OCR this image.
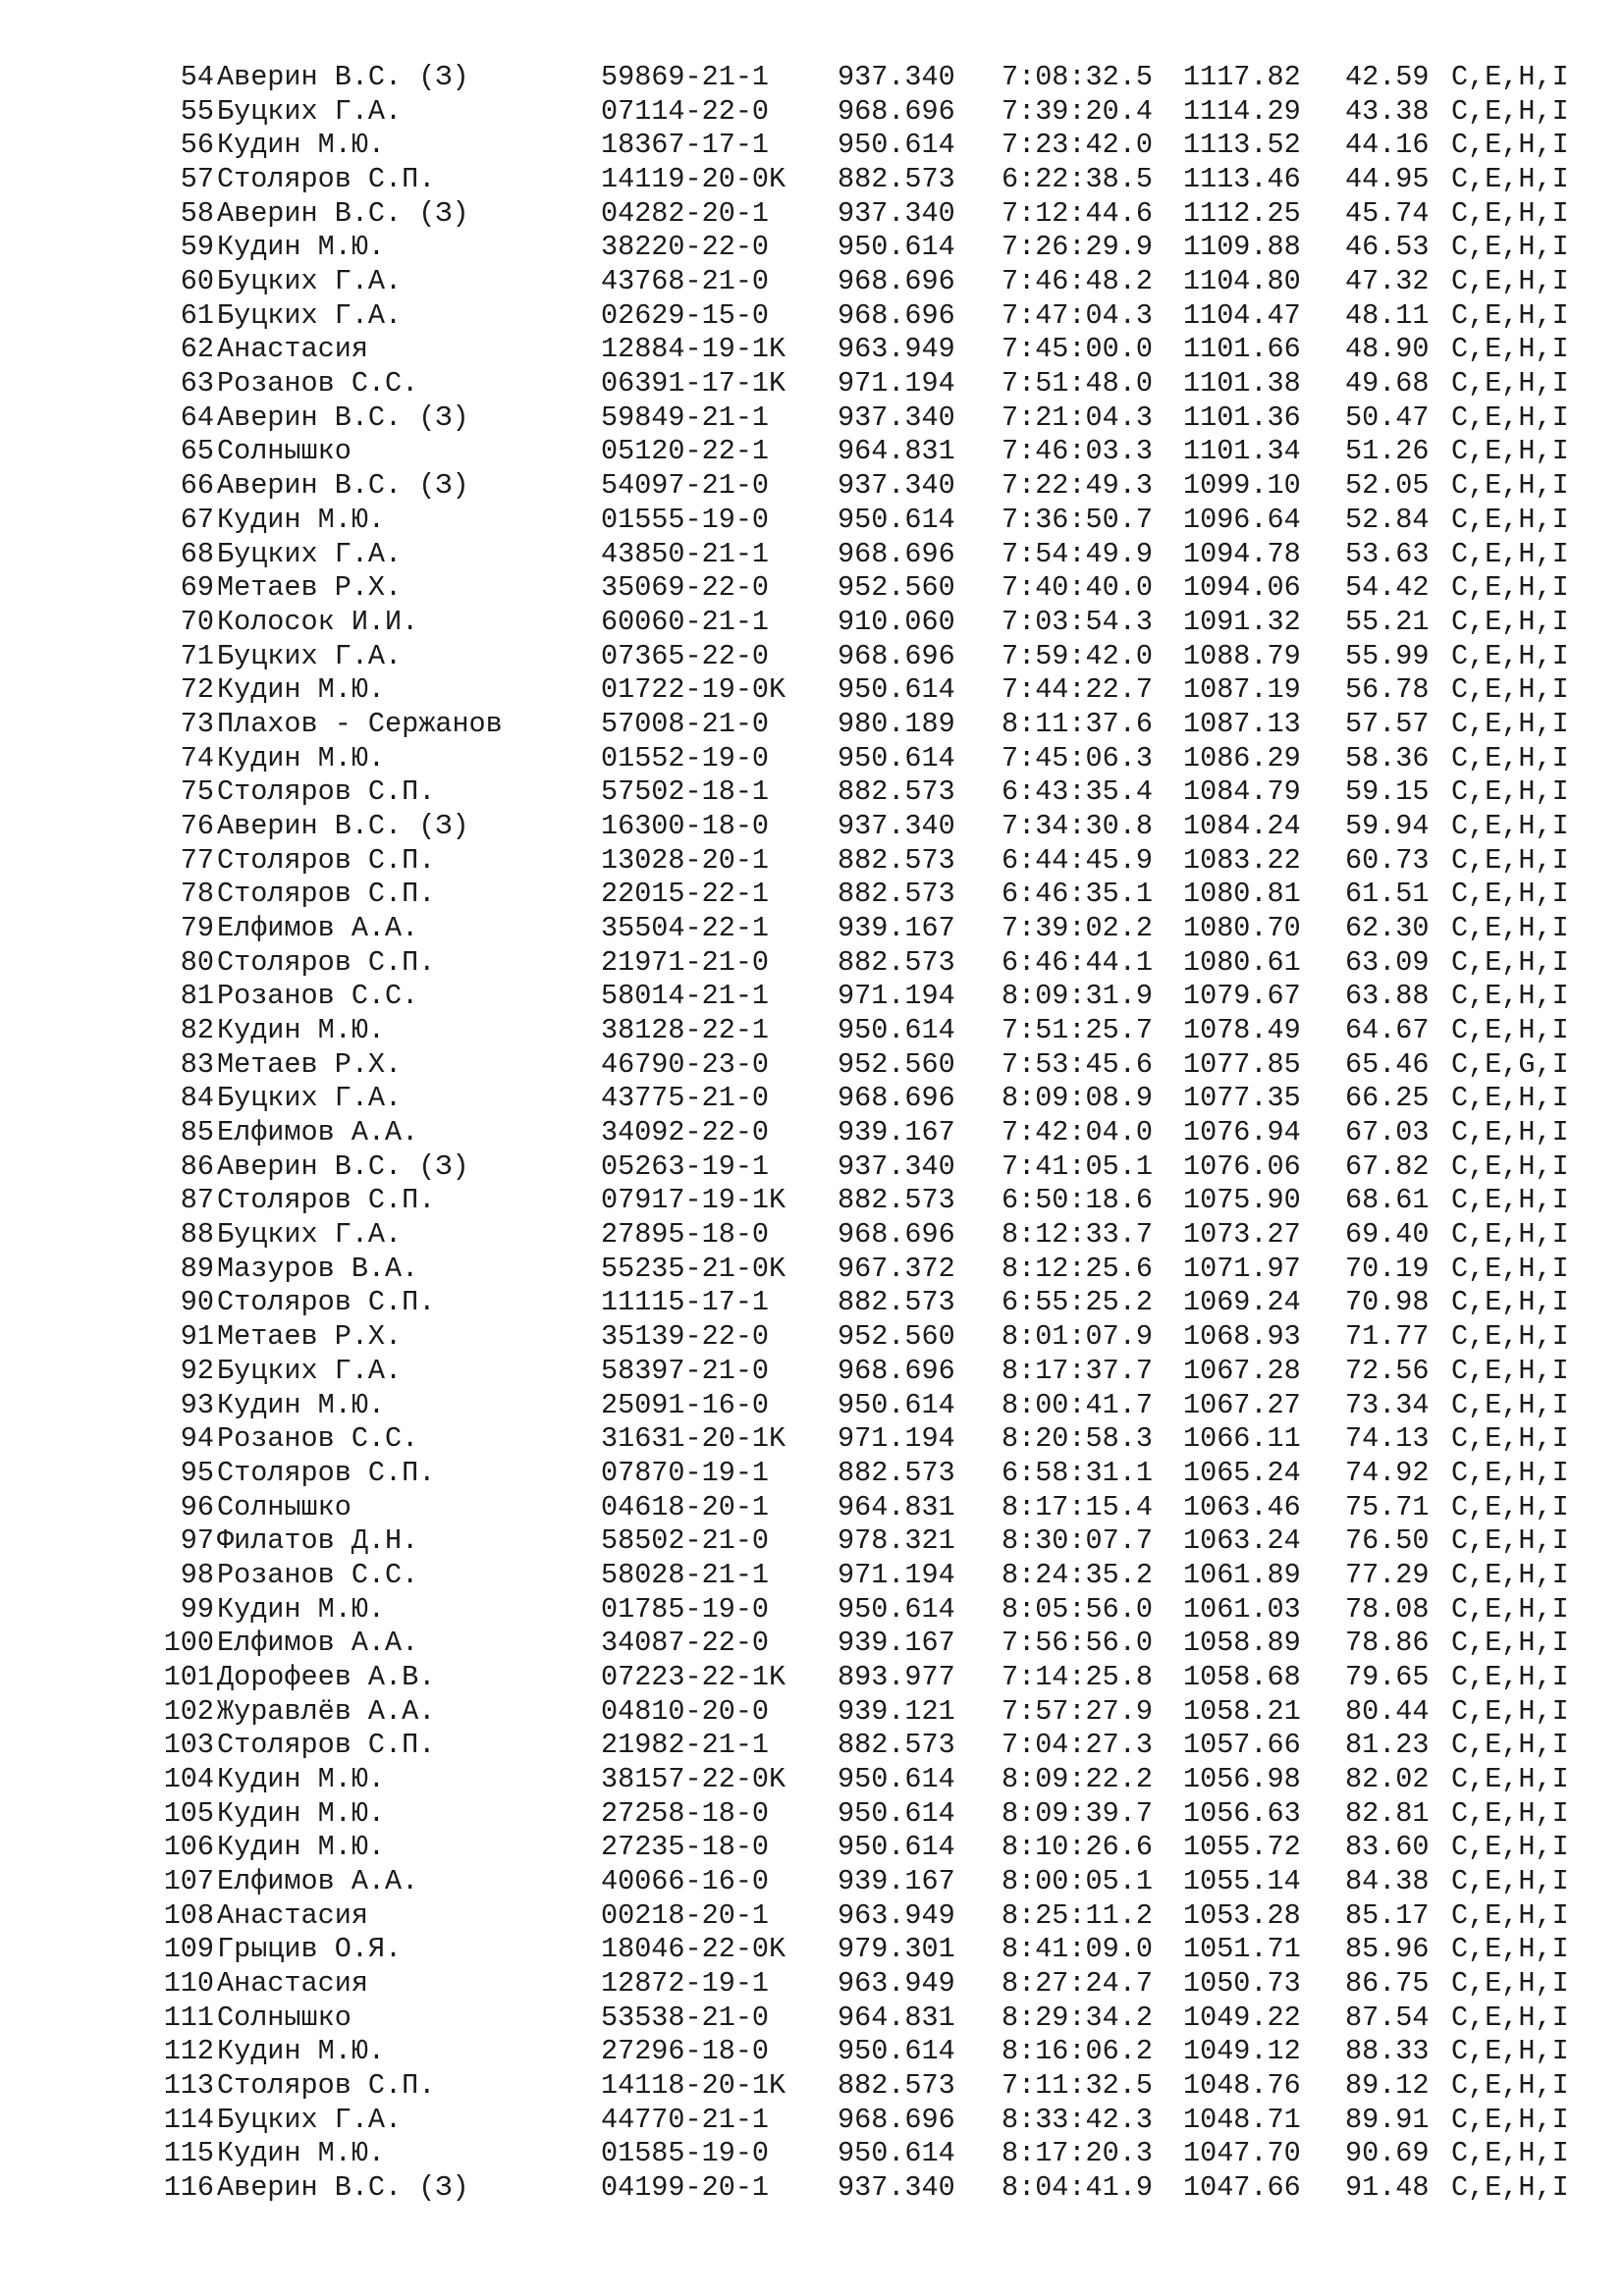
54 Аверин В.С. (З)	59869-21-1 937.340 7:08:32.5 1117.82 42.59 C,E,H,I
55 Буцких Г.А.	07114-22-0 968.696 7:39:20.4 1114.29 43.38 C,E,H,I
56 Кудин М.Ю.	18367-17-1 950.614 7:23:42.0 1113.52 44.16 C,E,H,I
57 Столяров С.П.	14119-20-0K 882.573 6:22:38.5 1113.46 44.95 C,E,H,I
58 Аверин В.С. (З)	04282-20-1 937.340 7:12:44.6 1112.25 45.74 C,E,H,I
59 Кудин М.Ю.	38220-22-0 950.614 7:26:29.9 1109.88 46.53 C,E,H,I
60 Буцких Г.А.	43768-21-0 968.696 7:46:48.2 1104.80 47.32 C,E,H,I
61 Буцких Г.А.	02629-15-0 968.696 7:47:04.3 1104.47 48.11 C,E,H,I
62 Анастасия	12884-19-1K 963.949 7:45:00.0 1101.66 48.90 C,E,H,I
63 Розанов С.С.	06391-17-1K 971.194 7:51:48.0 1101.38 49.68 C,E,H,I
64 Аверин В.С. (З)	59849-21-1 937.340 7:21:04.3 1101.36 50.47 C,E,H,I
65 Солнышко	05120-22-1 964.831 7:46:03.3 1101.34 51.26 C,E,H,I
66 Аверин В.С. (З)	54097-21-0 937.340 7:22:49.3 1099.10 52.05 C,E,H,I
67 Кудин М.Ю.	01555-19-0 950.614 7:36:50.7 1096.64 52.84 C,E,H,I
68 Буцких Г.А.	43850-21-1 968.696 7:54:49.9 1094.78 53.63 C,E,H,I
69 Метаев Р.Х.	35069-22-0 952.560 7:40:40.0 1094.06 54.42 C,E,H,I
70 Колосок И.И.	60060-21-1 910.060 7:03:54.3 1091.32 55.21 C,E,H,I
71 Буцких Г.А.	07365-22-0 968.696 7:59:42.0 1088.79 55.99 C,E,H,I
72 Кудин М.Ю.	01722-19-0K 950.614 7:44:22.7 1087.19 56.78 C,E,H,I
73 Плахов - Сержанов	57008-21-0 980.189 8:11:37.6 1087.13 57.57 C,E,H,I
74 Кудин М.Ю.	01552-19-0 950.614 7:45:06.3 1086.29 58.36 C,E,H,I
75 Столяров С.П.	57502-18-1 882.573 6:43:35.4 1084.79 59.15 C,E,H,I
76 Аверин В.С. (З)	16300-18-0 937.340 7:34:30.8 1084.24 59.94 C,E,H,I
77 Столяров С.П.	13028-20-1 882.573 6:44:45.9 1083.22 60.73 C,E,H,I
78 Столяров С.П.	22015-22-1 882.573 6:46:35.1 1080.81 61.51 C,E,H,I
79 Елфимов А.А.	35504-22-1 939.167 7:39:02.2 1080.70 62.30 C,E,H,I
80 Столяров С.П.	21971-21-0 882.573 6:46:44.1 1080.61 63.09 C,E,H,I
81 Розанов С.С.	58014-21-1 971.194 8:09:31.9 1079.67 63.88 C,E,H,I
82 Кудин М.Ю.	38128-22-1 950.614 7:51:25.7 1078.49 64.67 C,E,H,I
83 Метаев Р.Х.	46790-23-0 952.560 7:53:45.6 1077.85 65.46 C,E,G,I
84 Буцких Г.А.	43775-21-0 968.696 8:09:08.9 1077.35 66.25 C,E,H,I
85 Елфимов А.А.	34092-22-0 939.167 7:42:04.0 1076.94 67.03 C,E,H,I
86 Аверин В.С. (З)	05263-19-1 937.340 7:41:05.1 1076.06 67.82 C,E,H,I
87 Столяров С.П.	07917-19-1K 882.573 6:50:18.6 1075.90 68.61 C,E,H,I
88 Буцких Г.А.	27895-18-0 968.696 8:12:33.7 1073.27 69.40 C,E,H,I
89 Мазуров В.А.	55235-21-0K 967.372 8:12:25.6 1071.97 70.19 C,E,H,I
90 Столяров С.П.	11115-17-1 882.573 6:55:25.2 1069.24 70.98 C,E,H,I
91 Метаев Р.Х.	35139-22-0 952.560 8:01:07.9 1068.93 71.77 C,E,H,I
92 Буцких Г.А.	58397-21-0 968.696 8:17:37.7 1067.28 72.56 C,E,H,I
93 Кудин М.Ю.	25091-16-0 950.614 8:00:41.7 1067.27 73.34 C,E,H,I
94 Розанов С.С.	31631-20-1K 971.194 8:20:58.3 1066.11 74.13 C,E,H,I
95 Столяров С.П.	07870-19-1 882.573 6:58:31.1 1065.24 74.92 C,E,H,I
96 Солнышко	04618-20-1 964.831 8:17:15.4 1063.46 75.71 C,E,H,I
97 Филатов Д.Н.	58502-21-0 978.321 8:30:07.7 1063.24 76.50 C,E,H,I
98 Розанов С.С.	58028-21-1 971.194 8:24:35.2 1061.89 77.29 C,E,H,I
99 Кудин М.Ю.	01785-19-0 950.614 8:05:56.0 1061.03 78.08 C,E,H,I
100 Елфимов А.А.	34087-22-0 939.167 7:56:56.0 1058.89 78.86 C,E,H,I
101 Дорофеев А.В.	07223-22-1K 893.977 7:14:25.8 1058.68 79.65 C,E,H,I
102 Журавлёв А.А.	04810-20-0 939.121 7:57:27.9 1058.21 80.44 C,E,H,I
103 Столяров С.П.	21982-21-1 882.573 7:04:27.3 1057.66 81.23 C,E,H,I
104 Кудин М.Ю.	38157-22-0K 950.614 8:09:22.2 1056.98 82.02 C,E,H,I
105 Кудин М.Ю.	27258-18-0 950.614 8:09:39.7 1056.63 82.81 C,E,H,I
106 Кудин М.Ю.	27235-18-0 950.614 8:10:26.6 1055.72 83.60 C,E,H,I
107 Елфимов А.А.	40066-16-0 939.167 8:00:05.1 1055.14 84.38 C,E,H,I
108 Анастасия	00218-20-1 963.949 8:25:11.2 1053.28 85.17 C,E,H,I
109 Грыцив О.Я.	18046-22-0K 979.301 8:41:09.0 1051.71 85.96 C,E,H,I
110 Анастасия	12872-19-1 963.949 8:27:24.7 1050.73 86.75 C,E,H,I
111 Солнышко	53538-21-0 964.831 8:29:34.2 1049.22 87.54 C,E,H,I
112 Кудин М.Ю.	27296-18-0 950.614 8:16:06.2 1049.12 88.33 C,E,H,I
113 Столяров С.П.	14118-20-1K 882.573 7:11:32.5 1048.76 89.12 C,E,H,I
114 Буцких Г.А.	44770-21-1 968.696 8:33:42.3 1048.71 89.91 C,E,H,I
115 Кудин М.Ю.	01585-19-0 950.614 8:17:20.3 1047.70 90.69 C,E,H,I
116 Аверин В.С. (З)	04199-20-1 937.340 8:04:41.9 1047.66 91.48 C,E,H,I
